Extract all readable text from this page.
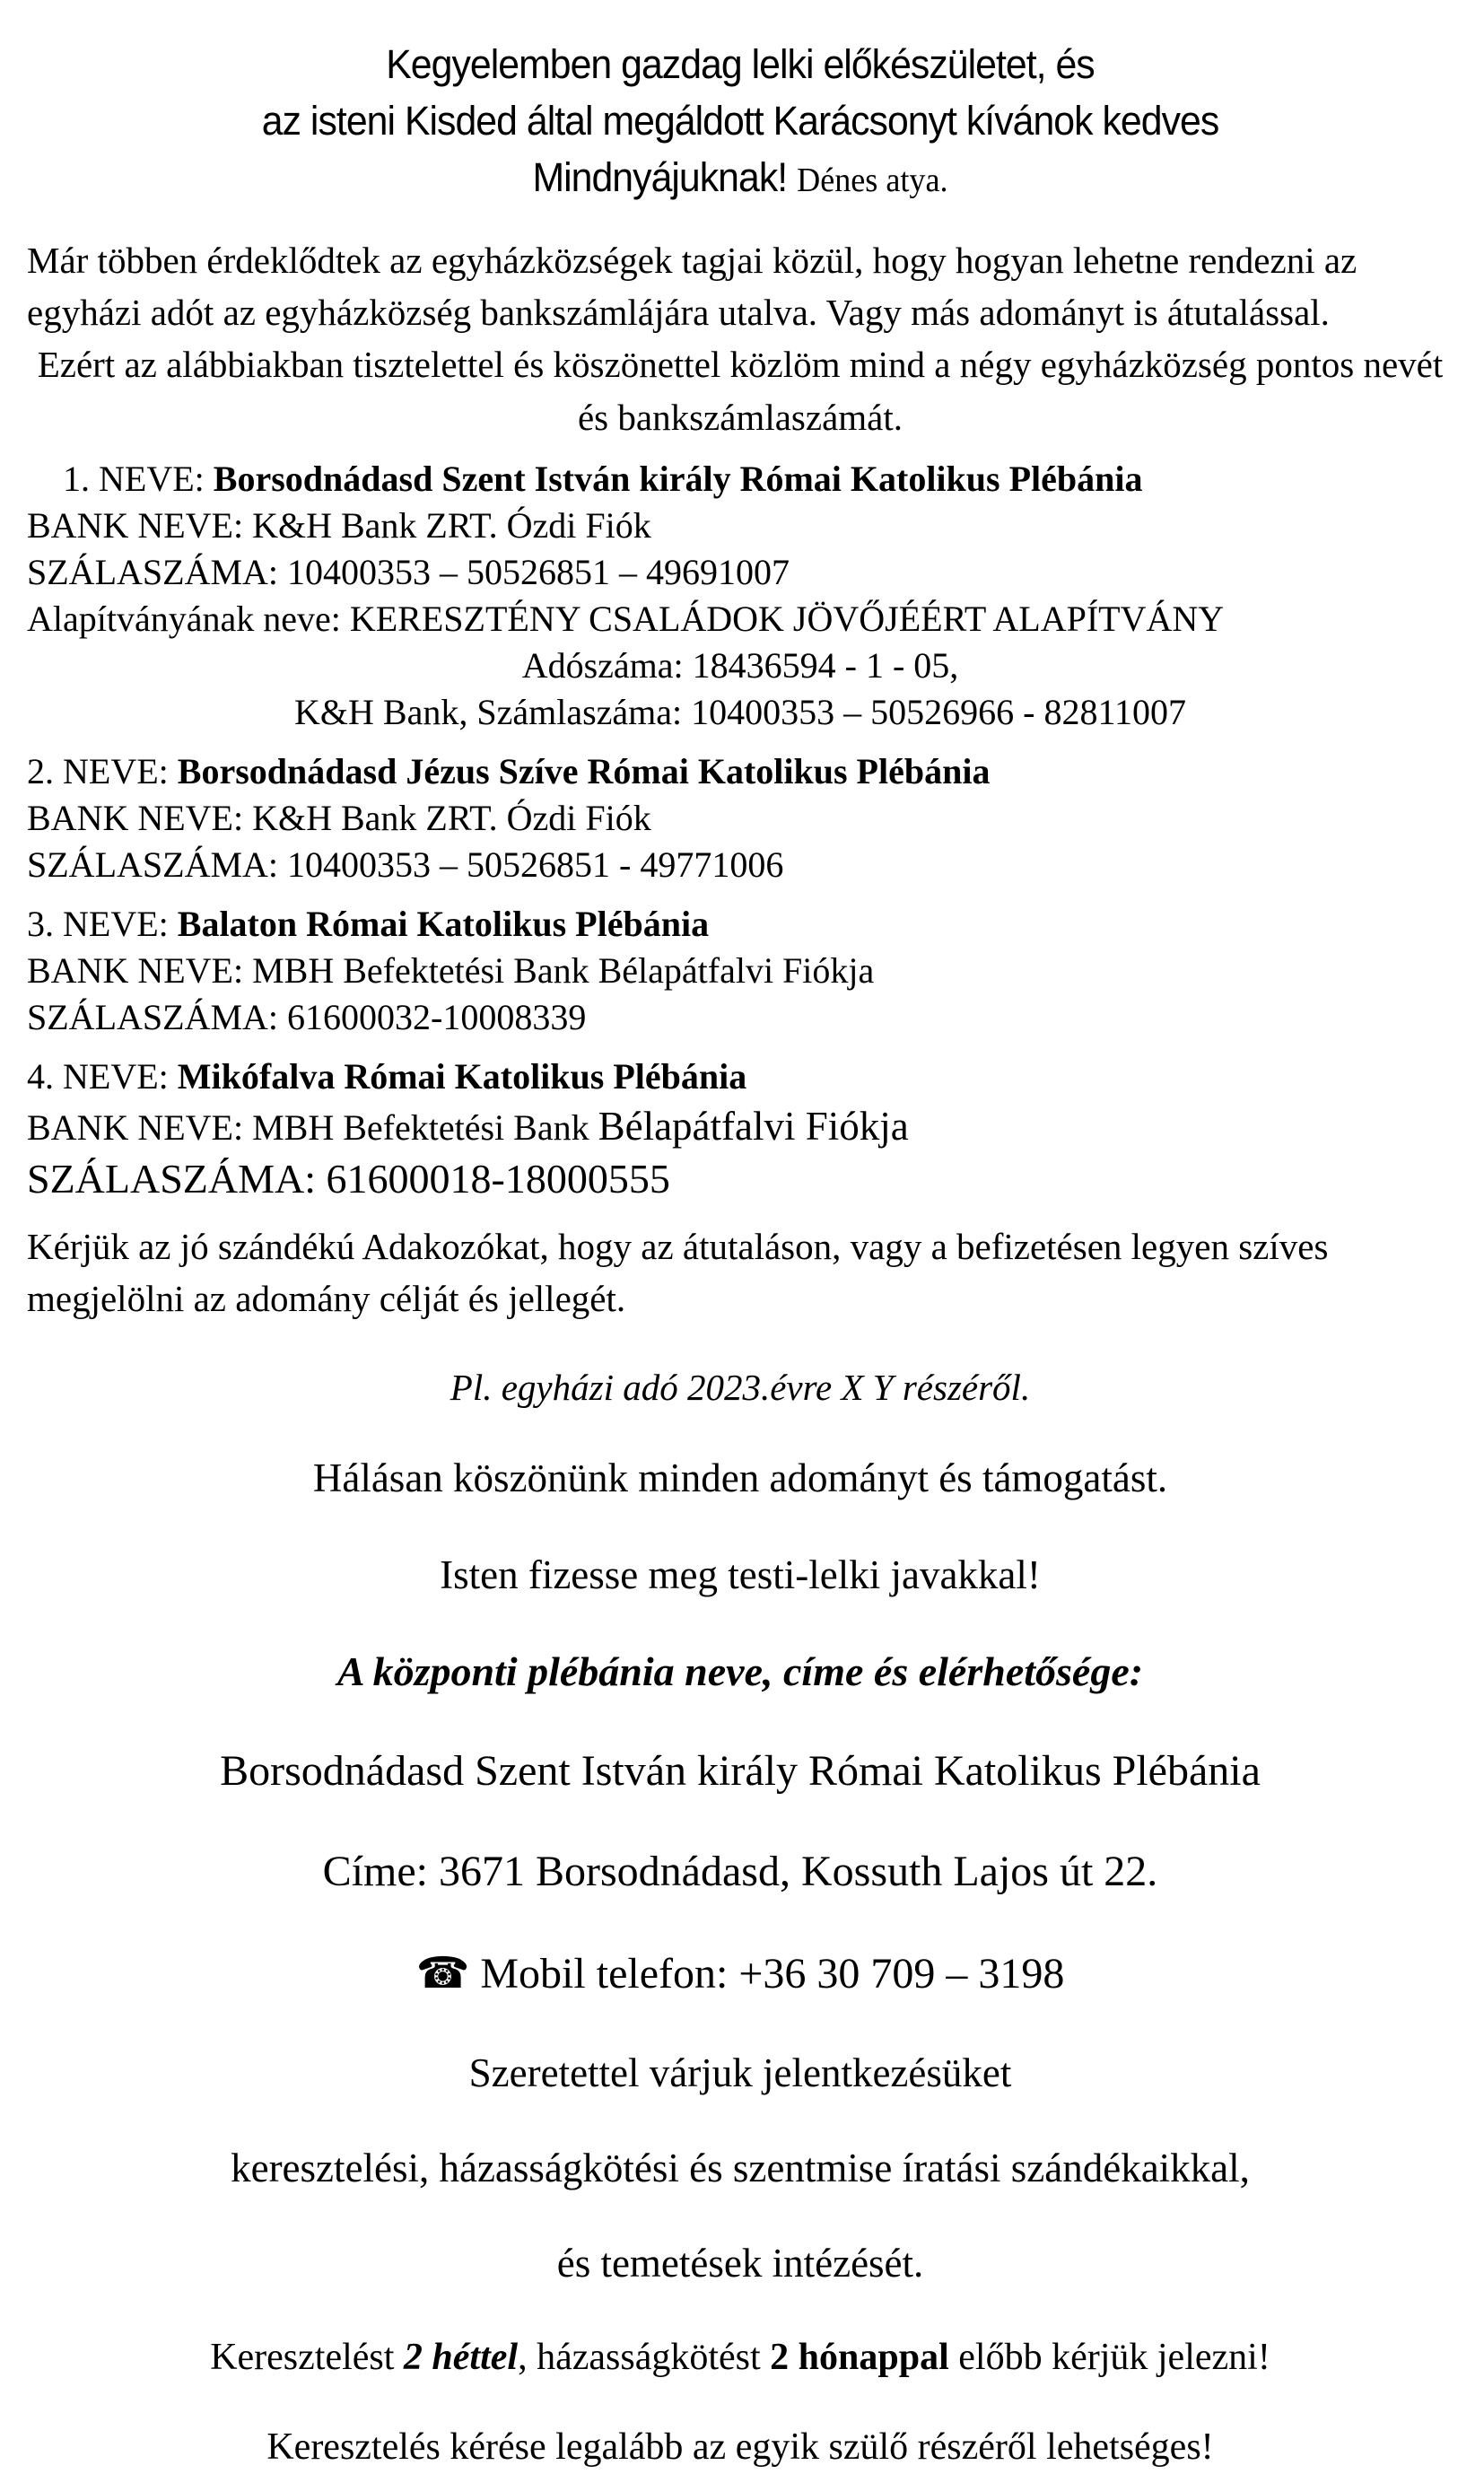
Kegyelemben gazdag lelki előkészületet, és

az isteni Kisded által megáldott Karácsonyt kívánok kedves

Mindnyájuknak! Dénes atya.

Már többen érdeklődtek az egyházközségek tagjai közül, hogy hogyan lehetne rendezni az egyházi adót az egyházközség bankszámlájára utalva. Vagy más adományt is átutalással.

Ezért az alábbiakban tisztelettel és köszönettel közlöm mind a négy egyházközség pontos nevét és bankszámlaszámát.

1. NEVE: Borsodnádasd Szent István király Római Katolikus Plébánia

BANK NEVE: K&H Bank ZRT. Ózdi Fiók

SZÁLASZÁMA: 10400353 – 50526851 – 49691007

Alapítványának neve: KERESZTÉNY CSALÁDOK JÖVŐJÉÉRT ALAPÍTVÁNY

Adószáma: 18436594 - 1 - 05,

K&H Bank, Számlaszáma: 10400353 – 50526966 - 82811007

2. NEVE: Borsodnádasd Jézus Szíve Római Katolikus Plébánia

BANK NEVE: K&H Bank ZRT. Ózdi Fiók

SZÁLASZÁMA: 10400353 – 50526851 - 49771006

3. NEVE: Balaton Római Katolikus Plébánia

BANK NEVE: MBH Befektetési Bank Bélapátfalvi Fiókja

SZÁLASZÁMA: 61600032-10008339

4. NEVE: Mikófalva Római Katolikus Plébánia

BANK NEVE: MBH Befektetési Bank Bélapátfalvi Fiókja

SZÁLASZÁMA: 61600018-18000555

Kérjük az jó szándékú Adakozókat, hogy az átutaláson, vagy a befizetésen legyen szíves megjelölni az adomány célját és jellegét.

Pl. egyházi adó 2023.évre X Y részéről.

Hálásan köszönünk minden adományt és támogatást.

Isten fizesse meg testi-lelki javakkal!

A központi plébánia neve, címe és elérhetősége:

Borsodnádasd Szent István király Római Katolikus Plébánia

Címe: 3671 Borsodnádasd, Kossuth Lajos út 22.

☎ Mobil telefon: +36 30 709 – 3198

Szeretettel várjuk jelentkezésüket

keresztelési, házasságkötési és szentmise íratási szándékaikkal,

és temetések intézését.

Keresztelést 2 héttel, házasságkötést 2 hónappal előbb kérjük jelezni!

Keresztelés kérése legalább az egyik szülő részéről lehetséges!
